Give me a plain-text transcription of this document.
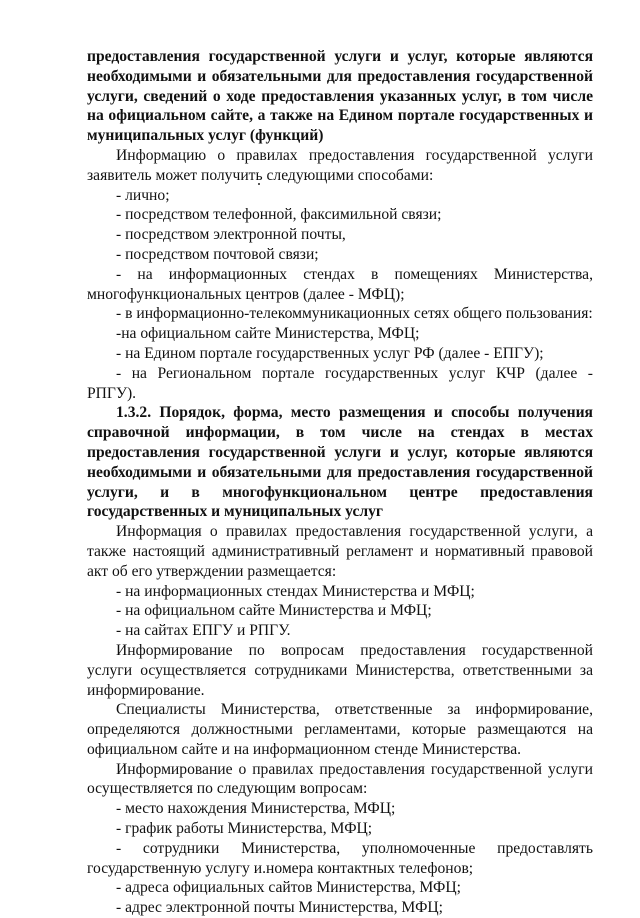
предоставления государственной услуги и услуг, которые являются необходимыми и обязательными для предоставления государственной услуги, сведений о ходе предоставления указанных услуг, в том числе на официальном сайте, а также на Едином портале государственных и муниципальных услуг (функций)

Информацию о правилах предоставления государственной услуги заявитель может получить следующими способами:

- лично;

- посредством телефонной, факсимильной связи;

- посредством электронной почты,

- посредством почтовой связи;

- на информационных стендах в помещениях Министерства, многофункциональных центров (далее - МФЦ);

- в информационно-телекоммуникационных сетях общего пользования:

-на официальном сайте Министерства, МФЦ;

- на Едином портале государственных услуг РФ (далее - ЕПГУ);

- на Региональном портале государственных услуг КЧР (далее - РПГУ).

1.3.2. Порядок, форма, место размещения и способы получения справочной информации, в том числе на стендах в местах предоставления государственной услуги и услуг, которые являются необходимыми и обязательными для предоставления государственной услуги, и в многофункциональном центре предоставления государственных и муниципальных услуг

Информация о правилах предоставления государственной услуги, а также настоящий административный регламент и нормативный правовой акт об его утверждении размещается:

- на информационных стендах Министерства и МФЦ;

- на официальном сайте Министерства и МФЦ;

- на сайтах ЕПГУ и РПГУ.

Информирование по вопросам предоставления государственной услуги осуществляется сотрудниками Министерства, ответственными за информирование.

Специалисты Министерства, ответственные за информирование, определяются должностными регламентами, которые размещаются на официальном сайте и на информационном стенде Министерства.

Информирование о правилах предоставления государственной услуги осуществляется по следующим вопросам:

- место нахождения Министерства, МФЦ;

- график работы Министерства, МФЦ;

- сотрудники Министерства, уполномоченные предоставлять государственную услугу и.номера контактных телефонов;

- адреса официальных сайтов Министерства, МФЦ;

- адрес электронной почты Министерства, МФЦ;
